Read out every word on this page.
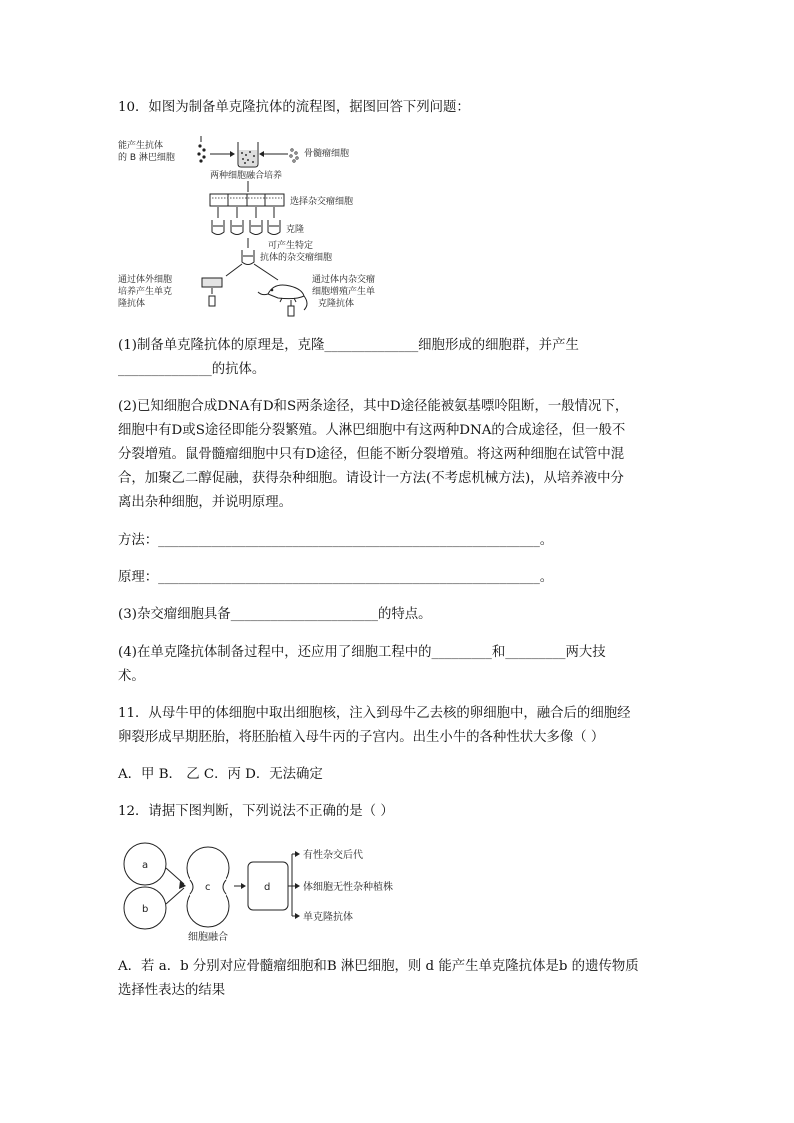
10．如图为制备单克隆抗体的流程图，据图回答下列问题：
能产生抗体
的 B 淋巴细胞	骨髓瘤细胞
两种细胞融合培养
选择杂交瘤细胞
克隆
可产生特定
抗体的杂交瘤细胞
通过体外细胞
培养产生单克
隆抗体
通过体内杂交瘤
细胞增殖产生单
克隆抗体
(1)制备单克隆抗体的原理是，克隆______________细胞形成的细胞群，并产生
______________的抗体。
(2)已知细胞合成DNA有D和S两条途径，其中D途径能被氨基嘌呤阻断，一般情况下，
细胞中有D或S途径即能分裂繁殖。人淋巴细胞中有这两种DNA的合成途径，但一般不
分裂增殖。鼠骨髓瘤细胞中只有D途径，但能不断分裂增殖。将这两种细胞在试管中混
合，加聚乙二醇促融，获得杂种细胞。请设计一方法(不考虑机械方法)，从培养液中分
离出杂种细胞，并说明原理。
方法：_________________________________________________________。
原理：_________________________________________________________。
(3)杂交瘤细胞具备______________________的特点。
(4)在单克隆抗体制备过程中，还应用了细胞工程中的_________和_________两大技
术。
11．从母牛甲的体细胞中取出细胞核，注入到母牛乙去核的卵细胞中，融合后的细胞经
卵裂形成早期胚胎，将胚胎植入母牛丙的子宫内。出生小牛的各种性状大多像（ ）
A．甲 B． 乙 C．丙 D．无法确定
12．请据下图判断，下列说法不正确的是（ ）
a
b
c	d
有性杂交后代
体细胞无性杂种植株
单克隆抗体
细胞融合
A．若 a．b 分别对应骨髓瘤细胞和B 淋巴细胞，则 d 能产生单克隆抗体是b 的遗传物质
选择性表达的结果
